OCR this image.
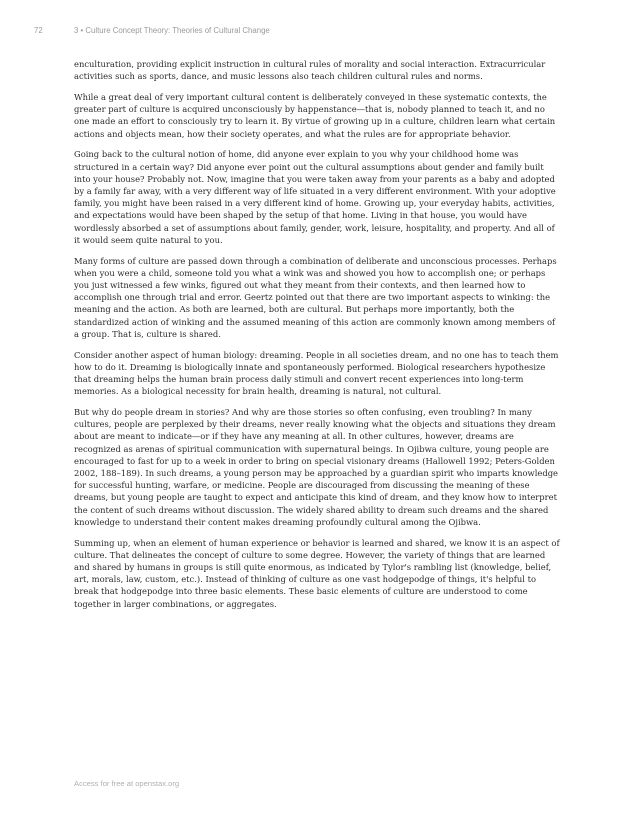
72	3 • Culture Concept Theory: Theories of Cultural Change

enculturation, providing explicit instruction in cultural rules of morality and social interaction. Extracurricular activities such as sports, dance, and music lessons also teach children cultural rules and norms.

While a great deal of very important cultural content is deliberately conveyed in these systematic contexts, the greater part of culture is acquired unconsciously by happenstance—that is, nobody planned to teach it, and no one made an effort to consciously try to learn it. By virtue of growing up in a culture, children learn what certain actions and objects mean, how their society operates, and what the rules are for appropriate behavior.

Going back to the cultural notion of home, did anyone ever explain to you why your childhood home was structured in a certain way? Did anyone ever point out the cultural assumptions about gender and family built into your house? Probably not. Now, imagine that you were taken away from your parents as a baby and adopted by a family far away, with a very different way of life situated in a very different environment. With your adoptive family, you might have been raised in a very different kind of home. Growing up, your everyday habits, activities, and expectations would have been shaped by the setup of that home. Living in that house, you would have wordlessly absorbed a set of assumptions about family, gender, work, leisure, hospitality, and property. And all of it would seem quite natural to you.

Many forms of culture are passed down through a combination of deliberate and unconscious processes. Perhaps when you were a child, someone told you what a wink was and showed you how to accomplish one; or perhaps you just witnessed a few winks, figured out what they meant from their contexts, and then learned how to accomplish one through trial and error. Geertz pointed out that there are two important aspects to winking: the meaning and the action. As both are learned, both are cultural. But perhaps more importantly, both the standardized action of winking and the assumed meaning of this action are commonly known among members of a group. That is, culture is shared.

Consider another aspect of human biology: dreaming. People in all societies dream, and no one has to teach them how to do it. Dreaming is biologically innate and spontaneously performed. Biological researchers hypothesize that dreaming helps the human brain process daily stimuli and convert recent experiences into long-term memories. As a biological necessity for brain health, dreaming is natural, not cultural.

But why do people dream in stories? And why are those stories so often confusing, even troubling? In many cultures, people are perplexed by their dreams, never really knowing what the objects and situations they dream about are meant to indicate—or if they have any meaning at all. In other cultures, however, dreams are recognized as arenas of spiritual communication with supernatural beings. In Ojibwa culture, young people are encouraged to fast for up to a week in order to bring on special visionary dreams (Hallowell 1992; Peters-Golden 2002, 188–189). In such dreams, a young person may be approached by a guardian spirit who imparts knowledge for successful hunting, warfare, or medicine. People are discouraged from discussing the meaning of these dreams, but young people are taught to expect and anticipate this kind of dream, and they know how to interpret the content of such dreams without discussion. The widely shared ability to dream such dreams and the shared knowledge to understand their content makes dreaming profoundly cultural among the Ojibwa.

Summing up, when an element of human experience or behavior is learned and shared, we know it is an aspect of culture. That delineates the concept of culture to some degree. However, the variety of things that are learned and shared by humans in groups is still quite enormous, as indicated by Tylor's rambling list (knowledge, belief, art, morals, law, custom, etc.). Instead of thinking of culture as one vast hodgepodge of things, it's helpful to break that hodgepodge into three basic elements. These basic elements of culture are understood to come together in larger combinations, or aggregates.

Access for free at openstax.org
